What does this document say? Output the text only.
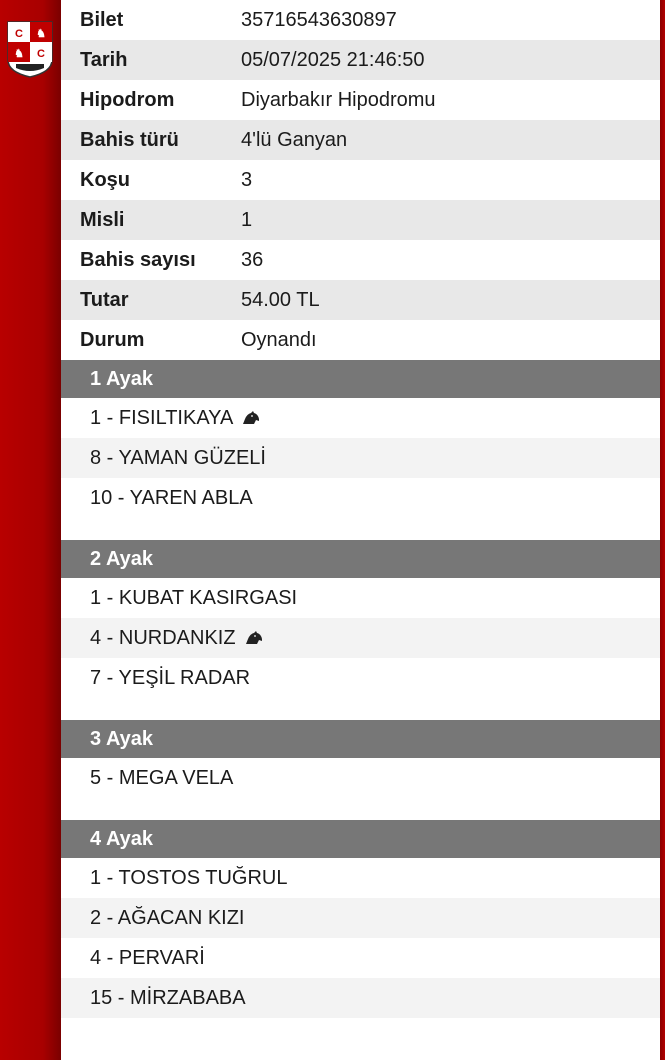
C ♞
♞ C
Bilet	35716543630897
Tarih	05/07/2025 21:46:50
Hipodrom	Diyarbakır Hipodromu
Bahis türü	4'lü Ganyan
Koşu	3
Misli	1
Bahis sayısı	36
Tutar	54.00 TL
Durum	Oynandı
1 Ayak
1 - FISILTIKAYA
8 - YAMAN GÜZELİ
10 - YAREN ABLA
2 Ayak
1 - KUBAT KASIRGASI
4 - NURDANKIZ
7 - YEŞİL RADAR
3 Ayak
5 - MEGA VELA
4 Ayak
1 - TOSTOS TUĞRUL
2 - AĞACAN KIZI
4 - PERVARİ
15 - MİRZABABA
